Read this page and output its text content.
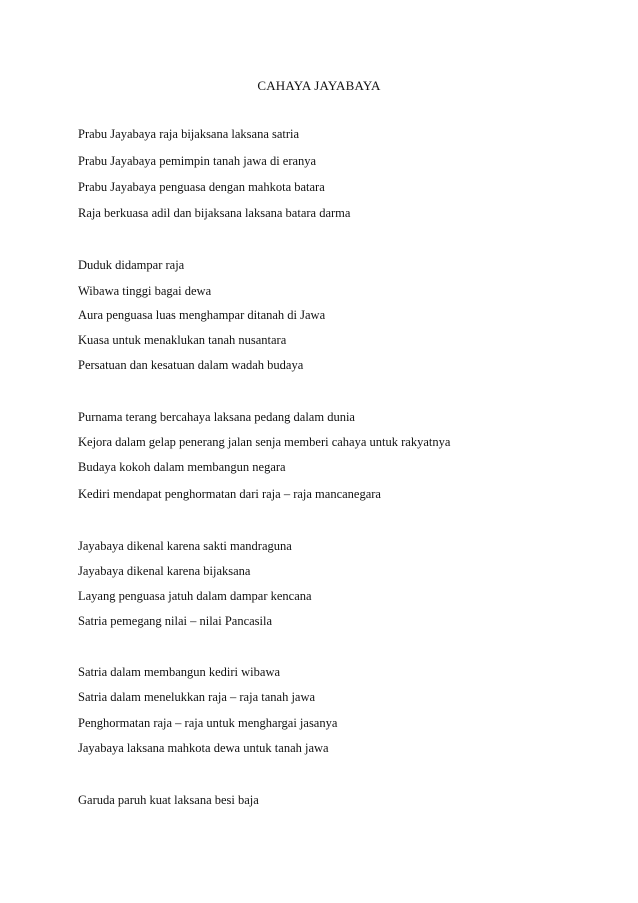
CAHAYA JAYABAYA
Prabu Jayabaya raja bijaksana laksana satria
Prabu Jayabaya pemimpin tanah jawa di eranya
Prabu Jayabaya penguasa dengan mahkota batara
Raja berkuasa adil dan bijaksana laksana batara darma
Duduk didampar raja
Wibawa tinggi bagai dewa
Aura penguasa luas menghampar ditanah di Jawa
Kuasa untuk menaklukan tanah nusantara
Persatuan dan kesatuan dalam wadah budaya
Purnama terang bercahaya laksana pedang dalam dunia
Kejora dalam gelap penerang jalan senja memberi cahaya untuk rakyatnya
Budaya kokoh dalam membangun negara
Kediri mendapat penghormatan dari raja – raja mancanegara
Jayabaya dikenal karena sakti mandraguna
Jayabaya dikenal karena bijaksana
Layang penguasa jatuh dalam dampar kencana
Satria pemegang nilai – nilai Pancasila
Satria dalam membangun kediri wibawa
Satria dalam menelukkan raja – raja tanah jawa
Penghormatan raja – raja untuk menghargai jasanya
Jayabaya laksana mahkota dewa untuk tanah jawa
Garuda paruh kuat laksana besi baja
